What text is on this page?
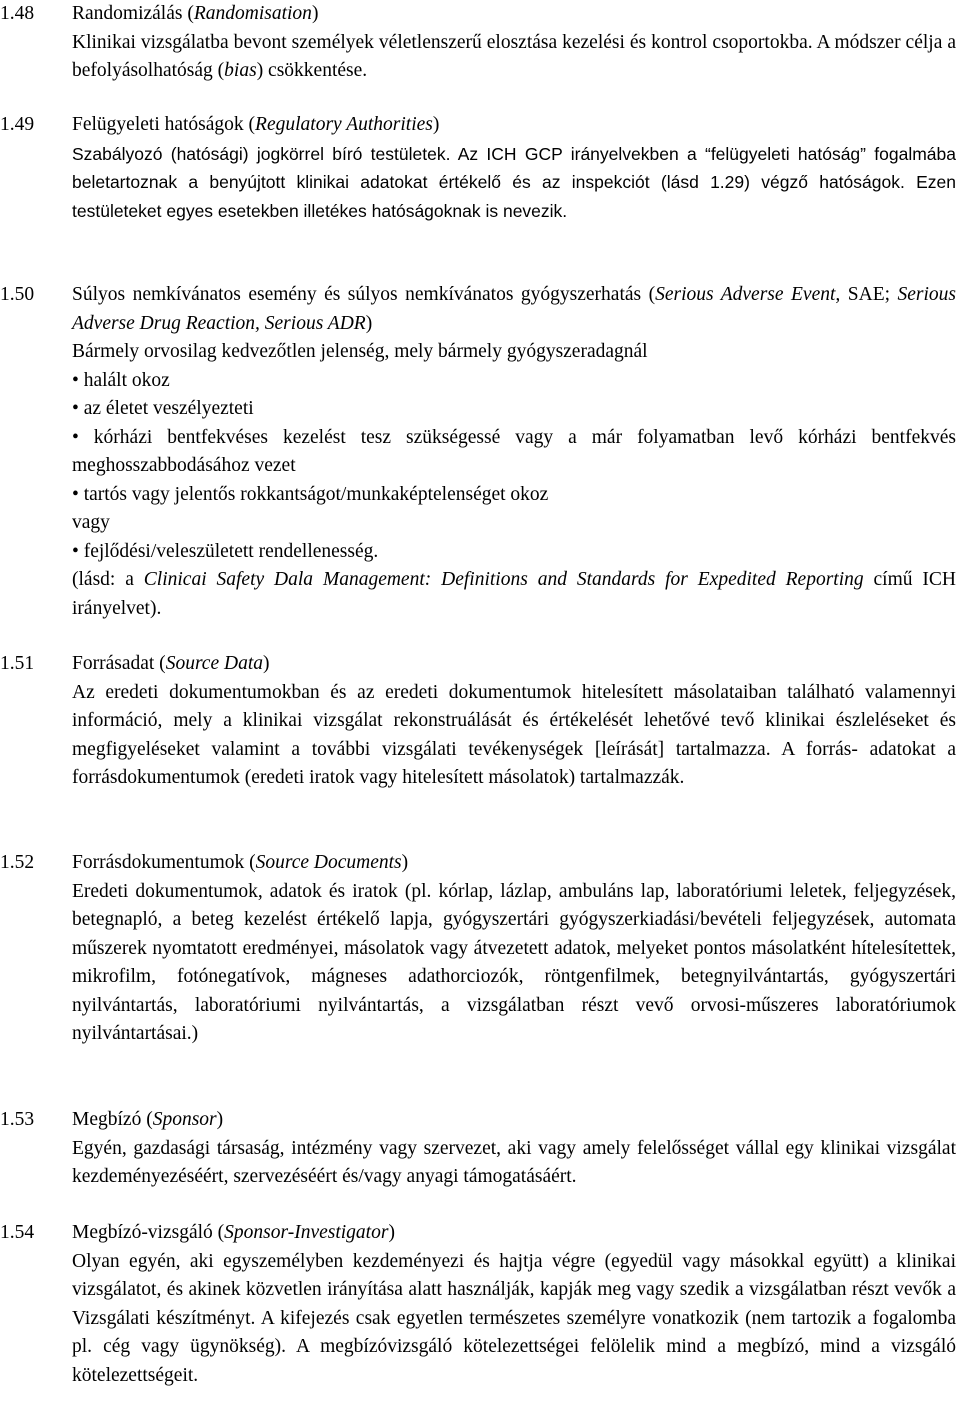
1.48 Randomizálás (Randomisation)
Klinikai vizsgálatba bevont személyek véletlenszerű elosztása kezelési és kontrol csoportokba. A módszer célja a befolyásolhatóság (bias) csökkentése.
1.49 Felügyeleti hatóságok (Regulatory Authorities)
Szabályozó (hatósági) jogkörrel bíró testületek. Az ICH GCP irányelvekben a “felügyeleti hatóság” fogalmába beletartoznak a benyújtott klinikai adatokat értékelő és az inspekciót (lásd 1.29) végző hatóságok. Ezen testületeket egyes esetekben illetékes hatóságoknak is nevezik.
1.50 Súlyos nemkívánatos esemény és súlyos nemkívánatos gyógyszerhatás (Serious Adverse Event, SAE; Serious Adverse Drug Reaction, Serious ADR)
Bármely orvosilag kedvezőtlen jelenség, mely bármely gyógyszeradagnál
• halált okoz
• az életet veszélyezteti
• kórházi bentfekvéses kezelést tesz szükségessé vagy a már folyamatban levő kórházi bentfekvés meghosszabbodásához vezet
• tartós vagy jelentős rokkantságot/munkaképtelenséget okoz
vagy
• fejlődési/veleszületett rendellenesség.
(lásd: a Clinicai Safety Dala Management: Definitions and Standards for Expedited Reporting című ICH irányelvet).
1.51 Forrásadat (Source Data)
Az eredeti dokumentumokban és az eredeti dokumentumok hitelesített másolataiban található valamennyi információ, mely a klinikai vizsgálat rekonstruálását és értékelését lehetővé tevő klinikai észleléseket és megfigyeléseket valamint a további vizsgálati tevékenységek [leírását] tartalmazza. A forrás- adatokat a forrásdokumentumok (eredeti iratok vagy hitelesített másolatok) tartalmazzák.
1.52 Forrásdokumentumok (Source Documents)
Eredeti dokumentumok, adatok és iratok (pl. kórlap, lázlap, ambuláns lap, laboratóriumi leletek, feljegyzések, betegnapló, a beteg kezelést értékelő lapja, gyógyszertári gyógyszerkiadási/bevételi feljegyzések, automata műszerek nyomtatott eredményei, másolatok vagy átvezetett adatok, melyeket pontos másolatként hítelesítettek, mikrofilm, fotónegatívok, mágneses adathorciozók, röntgenfilmek, betegnyilvántartás, gyógyszertári nyilvántartás, laboratóriumi nyilvántartás, a vizsgálatban részt vevő orvosi-műszeres laboratóriumok nyilvántartásai.)
1.53 Megbízó (Sponsor)
Egyén, gazdasági társaság, intézmény vagy szervezet, aki vagy amely felelősséget vállal egy klinikai vizsgálat kezdeményezéséért, szervezéséért és/vagy anyagi támogatásáért.
1.54 Megbízó-vizsgáló (Sponsor-Investigator)
Olyan egyén, aki egyszemélyben kezdeményezi és hajtja végre (egyedül vagy másokkal együtt) a klinikai vizsgálatot, és akinek közvetlen irányítása alatt használják, kapják meg vagy szedik a vizsgálatban részt vevők a Vizsgálati készítményt. A kifejezés csak egyetlen természetes személyre vonatkozik (nem tartozik a fogalomba pl. cég vagy ügynökség). A megbízóvizsgáló kötelezettségei felölelik mind a megbízó, mind a vizsgáló kötelezettségeit.
